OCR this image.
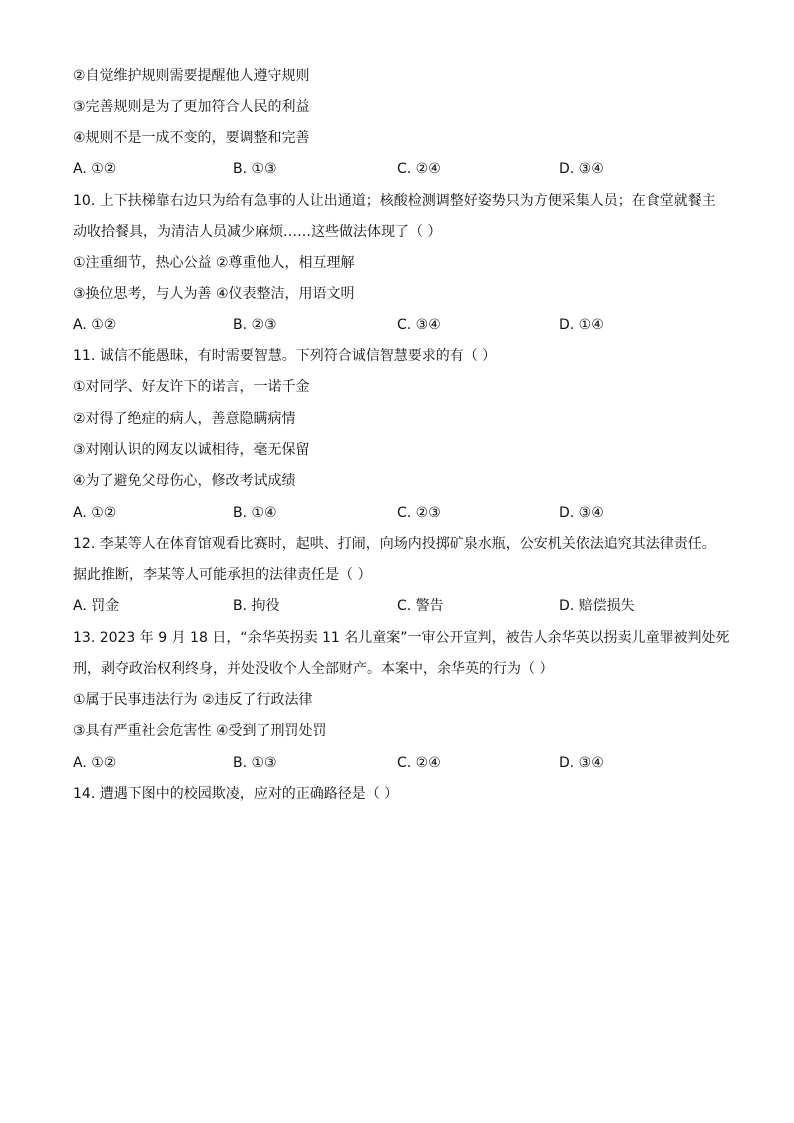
②自觉维护规则需要提醒他人遵守规则
③完善规则是为了更加符合人民的利益
④规则不是一成不变的，要调整和完善
A. ①②	B. ①③	C. ②④	D. ③④
10. 上下扶梯靠右边只为给有急事的人让出通道；核酸检测调整好姿势只为方便采集人员；在食堂就餐主
动收拾餐具，为清洁人员减少麻烦……这些做法体现了（ ）
①注重细节，热心公益 ②尊重他人，相互理解
③换位思考，与人为善 ④仪表整洁，用语文明
A. ①②	B. ②③	C. ③④	D. ①④
11. 诚信不能愚昧，有时需要智慧。下列符合诚信智慧要求的有（ ）
①对同学、好友许下的诺言，一诺千金
②对得了绝症的病人，善意隐瞒病情
③对刚认识的网友以诚相待，毫无保留
④为了避免父母伤心，修改考试成绩
A. ①②	B. ①④	C. ②③	D. ③④
12. 李某等人在体育馆观看比赛时，起哄、打闹，向场内投掷矿泉水瓶，公安机关依法追究其法律责任。
据此推断，李某等人可能承担的法律责任是（ ）
A. 罚金	B. 拘役	C. 警告	D. 赔偿损失
13. 2023 年 9 月 18 日，“余华英拐卖 11 名儿童案”一审公开宣判，被告人余华英以拐卖儿童罪被判处死
刑，剥夺政治权利终身，并处没收个人全部财产。本案中，余华英的行为（ ）
①属于民事违法行为 ②违反了行政法律
③具有严重社会危害性 ④受到了刑罚处罚
A. ①②	B. ①③	C. ②④	D. ③④
14. 遭遇下图中的校园欺凌，应对的正确路径是（ ）
